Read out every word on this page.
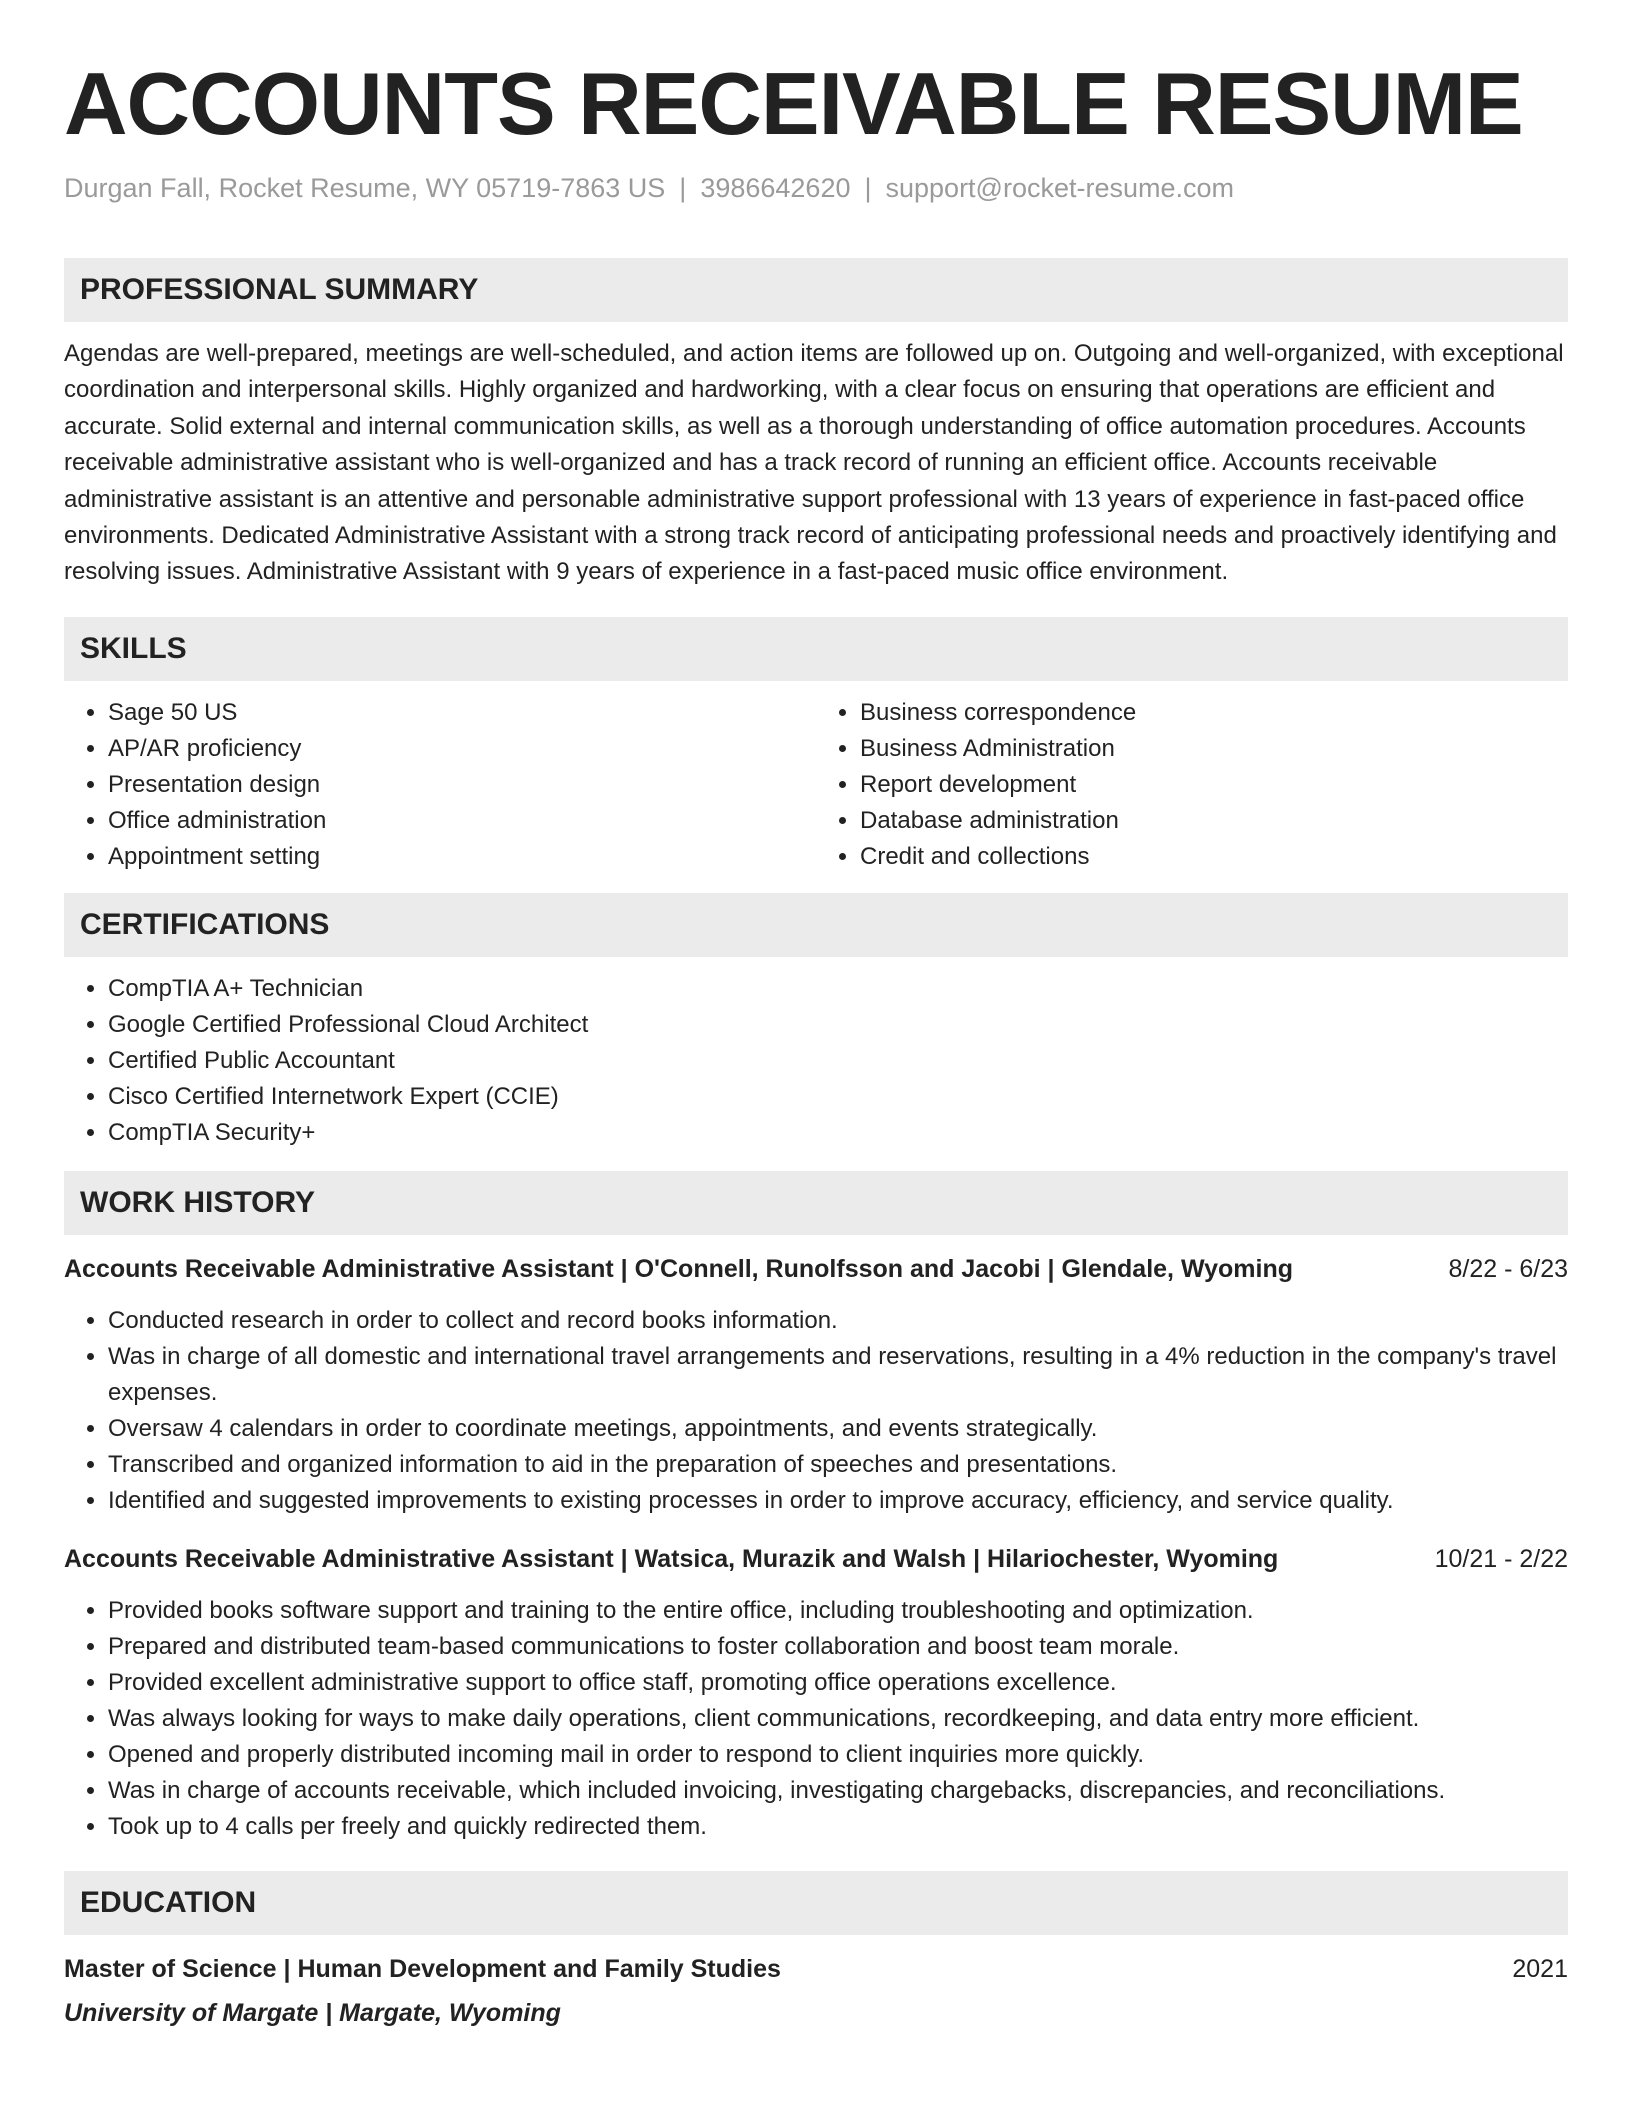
ACCOUNTS RECEIVABLE RESUME
Durgan Fall, Rocket Resume, WY 05719-7863 US | 3986642620 | support@rocket-resume.com
PROFESSIONAL SUMMARY

Agendas are well-prepared, meetings are well-scheduled, and action items are followed up on. Outgoing and well-organized, with exceptional coordination and interpersonal skills. Highly organized and hardworking, with a clear focus on ensuring that operations are efficient and accurate. Solid external and internal communication skills, as well as a thorough understanding of office automation procedures. Accounts receivable administrative assistant who is well-organized and has a track record of running an efficient office. Accounts receivable administrative assistant is an attentive and personable administrative support professional with 13 years of experience in fast-paced office environments. Dedicated Administrative Assistant with a strong track record of anticipating professional needs and proactively identifying and resolving issues. Administrative Assistant with 9 years of experience in a fast-paced music office environment.

SKILLS
• Sage 50 US
• AP/AR proficiency
• Presentation design
• Office administration
• Appointment setting
• Business correspondence
• Business Administration
• Report development
• Database administration
• Credit and collections
CERTIFICATIONS
• CompTIA A+ Technician
• Google Certified Professional Cloud Architect
• Certified Public Accountant
• Cisco Certified Internetwork Expert (CCIE)
• CompTIA Security+
WORK HISTORY
Accounts Receivable Administrative Assistant | O'Connell, Runolfsson and Jacobi | Glendale, Wyoming	8/22 - 6/23
• Conducted research in order to collect and record books information.
• Was in charge of all domestic and international travel arrangements and reservations, resulting in a 4% reduction in the company's travel expenses.
• Oversaw 4 calendars in order to coordinate meetings, appointments, and events strategically.
• Transcribed and organized information to aid in the preparation of speeches and presentations.
• Identified and suggested improvements to existing processes in order to improve accuracy, efficiency, and service quality.
Accounts Receivable Administrative Assistant | Watsica, Murazik and Walsh | Hilariochester, Wyoming	10/21 - 2/22
• Provided books software support and training to the entire office, including troubleshooting and optimization.
• Prepared and distributed team-based communications to foster collaboration and boost team morale.
• Provided excellent administrative support to office staff, promoting office operations excellence.
• Was always looking for ways to make daily operations, client communications, recordkeeping, and data entry more efficient.
• Opened and properly distributed incoming mail in order to respond to client inquiries more quickly.
• Was in charge of accounts receivable, which included invoicing, investigating chargebacks, discrepancies, and reconciliations.
• Took up to 4 calls per freely and quickly redirected them.
EDUCATION
Master of Science | Human Development and Family Studies	2021
University of Margate | Margate, Wyoming
